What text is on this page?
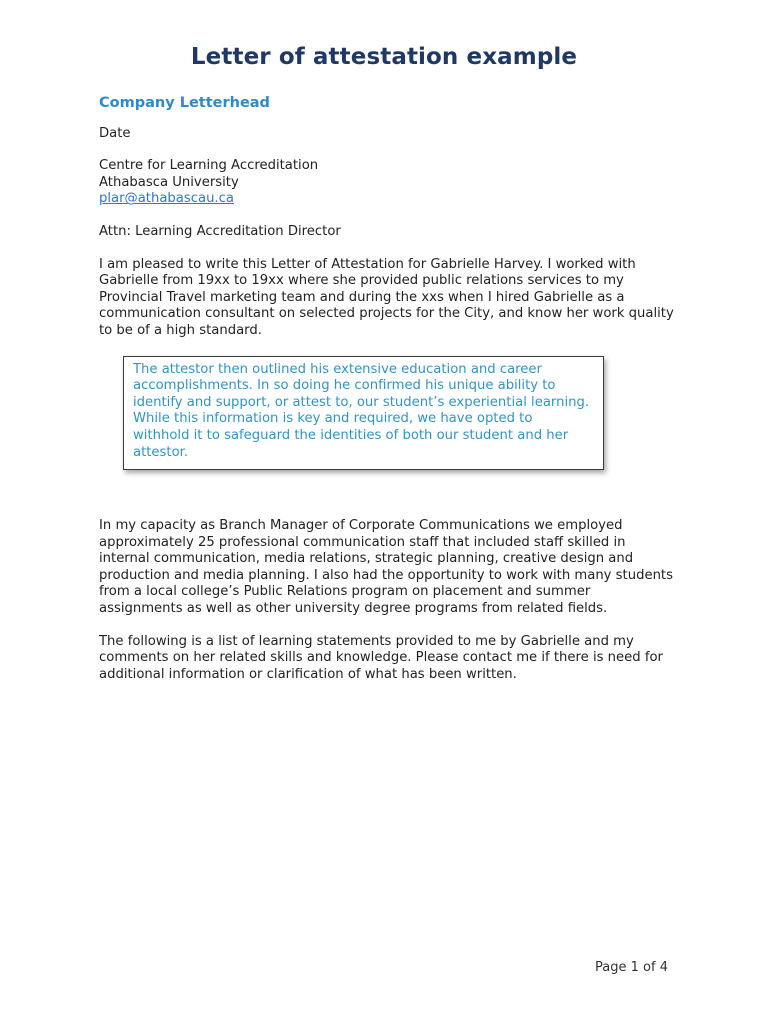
Letter of attestation example
Company Letterhead
Date
Centre for Learning Accreditation
Athabasca University
plar@athabascau.ca
Attn: Learning Accreditation Director

I am pleased to write this Letter of Attestation for Gabrielle Harvey. I worked with Gabrielle from 19xx to 19xx where she provided public relations services to my Provincial Travel marketing team and during the xxs when I hired Gabrielle as a communication consultant on selected projects for the City, and know her work quality to be of a high standard.

The attestor then outlined his extensive education and career accomplishments. In so doing he confirmed his unique ability to identify and support, or attest to, our student’s experiential learning. While this information is key and required, we have opted to withhold it to safeguard the identities of both our student and her attestor.

In my capacity as Branch Manager of Corporate Communications we employed approximately 25 professional communication staff that included staff skilled in internal communication, media relations, strategic planning, creative design and production and media planning. I also had the opportunity to work with many students from a local college’s Public Relations program on placement and summer assignments as well as other university degree programs from related fields.

The following is a list of learning statements provided to me by Gabrielle and my comments on her related skills and knowledge. Please contact me if there is need for additional information or clarification of what has been written.

Page 1 of 4
